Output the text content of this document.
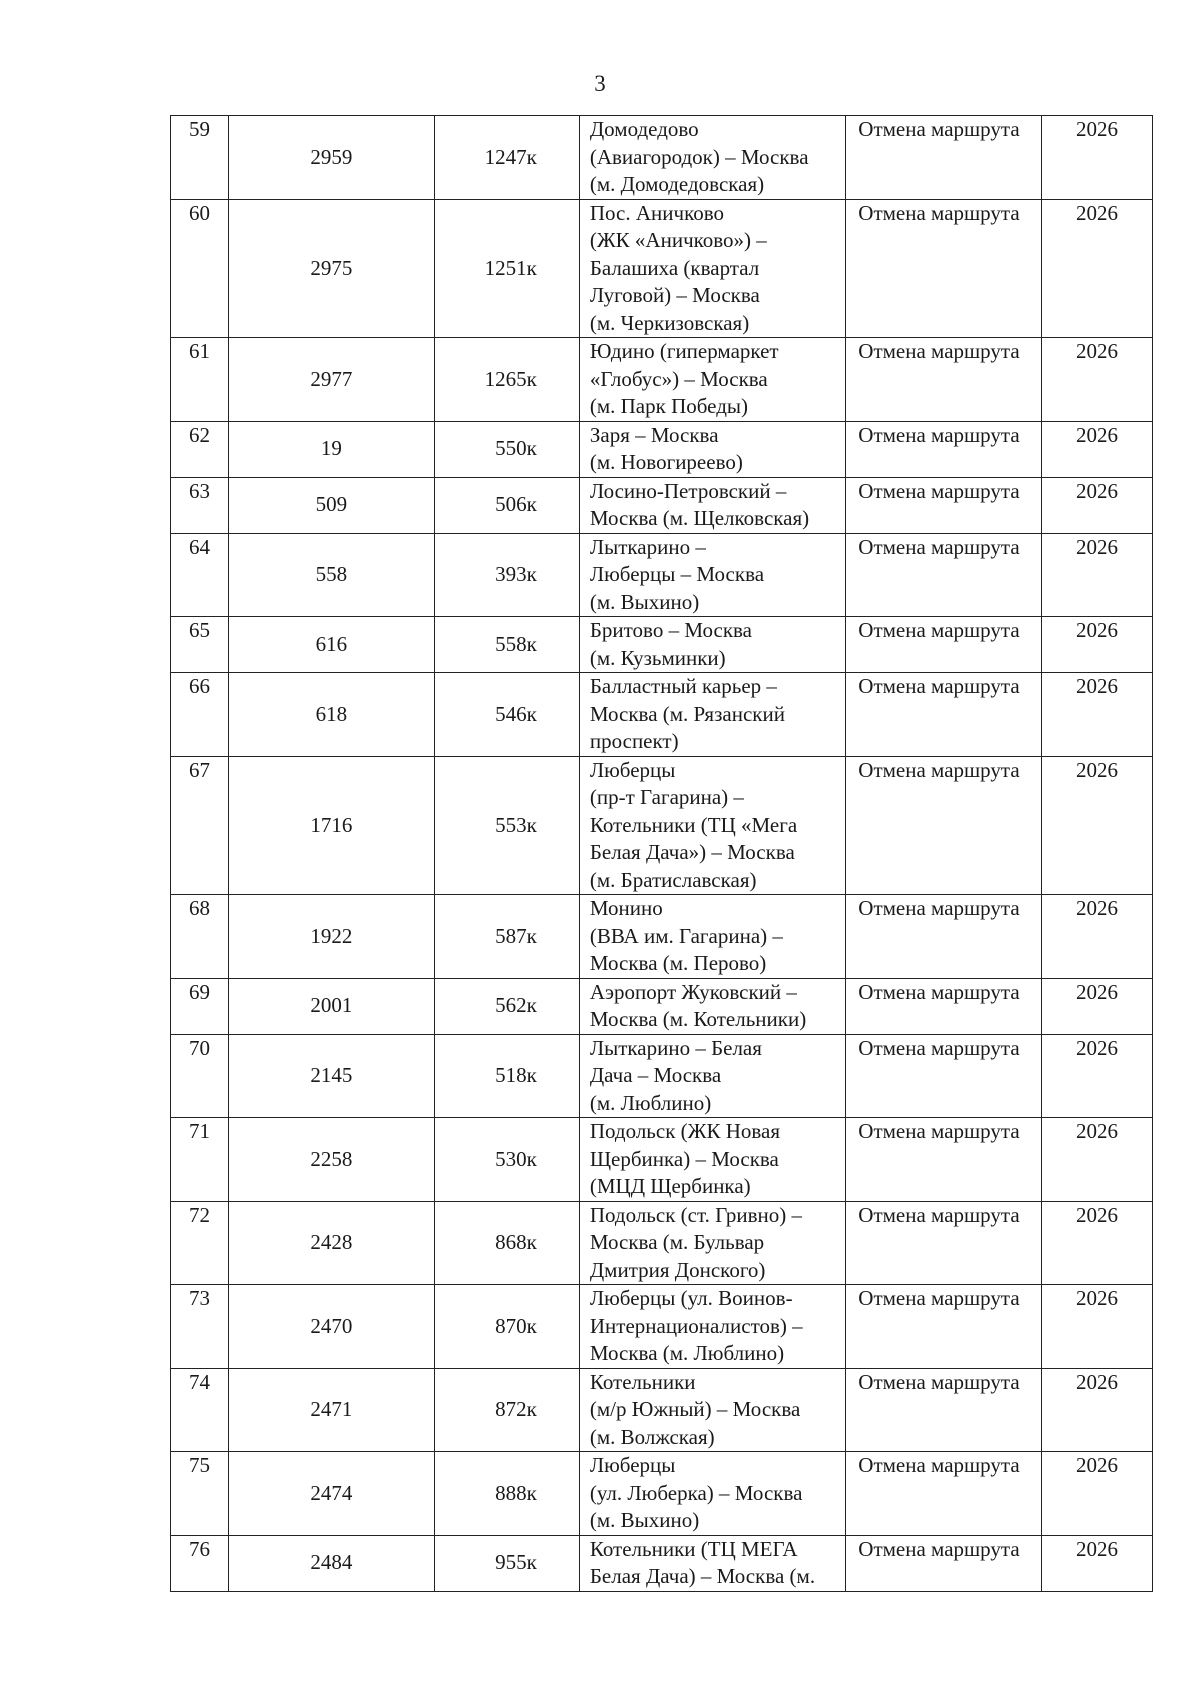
3
59	2959	1247к	Домодедово
(Авиагородок) – Москва
(м. Домодедовская)	Отмена маршрута	2026
60	2975	1251к	Пос. Аничково
(ЖК «Аничково») –
Балашиха (квартал
Луговой) – Москва
(м. Черкизовская)	Отмена маршрута	2026
61	2977	1265к	Юдино (гипермаркет
«Глобус») – Москва
(м. Парк Победы)	Отмена маршрута	2026
62	19	550к	Заря – Москва
(м. Новогиреево)	Отмена маршрута	2026
63	509	506к	Лосино-Петровский –
Москва (м. Щелковская)	Отмена маршрута	2026
64	558	393к	Лыткарино –
Люберцы – Москва
(м. Выхино)	Отмена маршрута	2026
65	616	558к	Бритово – Москва
(м. Кузьминки)	Отмена маршрута	2026
66	618	546к	Балластный карьер –
Москва (м. Рязанский
проспект)	Отмена маршрута	2026
67	1716	553к	Люберцы
(пр-т Гагарина) –
Котельники (ТЦ «Мега
Белая Дача») – Москва
(м. Братиславская)	Отмена маршрута	2026
68	1922	587к	Монино
(ВВА им. Гагарина) –
Москва (м. Перово)	Отмена маршрута	2026
69	2001	562к	Аэропорт Жуковский –
Москва (м. Котельники)	Отмена маршрута	2026
70	2145	518к	Лыткарино – Белая
Дача – Москва
(м. Люблино)	Отмена маршрута	2026
71	2258	530к	Подольск (ЖК Новая
Щербинка) – Москва
(МЦД Щербинка)	Отмена маршрута	2026
72	2428	868к	Подольск (ст. Гривно) –
Москва (м. Бульвар
Дмитрия Донского)	Отмена маршрута	2026
73	2470	870к	Люберцы (ул. Воинов-
Интернационалистов) –
Москва (м. Люблино)	Отмена маршрута	2026
74	2471	872к	Котельники
(м/р Южный) – Москва
(м. Волжская)	Отмена маршрута	2026
75	2474	888к	Люберцы
(ул. Люберка) – Москва
(м. Выхино)	Отмена маршрута	2026
76	2484	955к	Котельники (ТЦ МЕГА
Белая Дача) – Москва (м.	Отмена маршрута	2026
